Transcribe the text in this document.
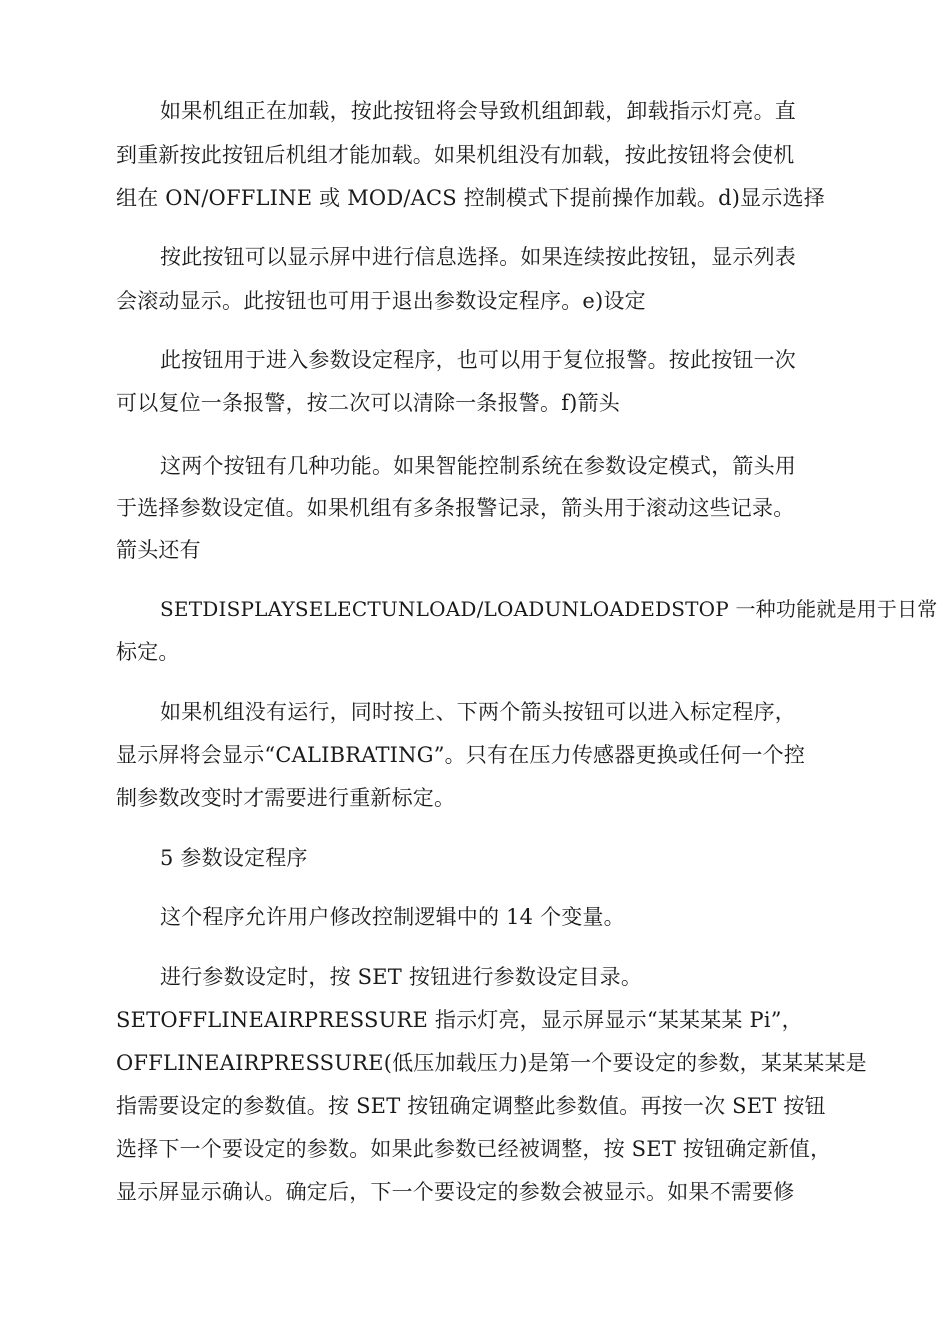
如果机组正在加载，按此按钮将会导致机组卸载，卸载指示灯亮。直
到重新按此按钮后机组才能加载。如果机组没有加载，按此按钮将会使机
组在 ON/OFFLINE 或 MOD/ACS 控制模式下提前操作加载。d)显示选择
按此按钮可以显示屏中进行信息选择。如果连续按此按钮，显示列表
会滚动显示。此按钮也可用于退出参数设定程序。e)设定
此按钮用于进入参数设定程序，也可以用于复位报警。按此按钮一次
可以复位一条报警，按二次可以清除一条报警。f)箭头
这两个按钮有几种功能。如果智能控制系统在参数设定模式，箭头用
于选择参数设定值。如果机组有多条报警记录，箭头用于滚动这些记录。
箭头还有
SETDISPLAYSELECTUNLOAD/LOADUNLOADEDSTOP 一种功能就是用于日常
标定。
如果机组没有运行，同时按上、下两个箭头按钮可以进入标定程序，
显示屏将会显示“CALIBRATING”。只有在压力传感器更换或任何一个控
制参数改变时才需要进行重新标定。
5 参数设定程序
这个程序允许用户修改控制逻辑中的 14 个变量。
进行参数设定时，按 SET 按钮进行参数设定目录。
SETOFFLINEAIRPRESSURE 指示灯亮，显示屏显示“某某某某 Pi”，
OFFLINEAIRPRESSURE(低压加载压力)是第一个要设定的参数，某某某某是
指需要设定的参数值。按 SET 按钮确定调整此参数值。再按一次 SET 按钮
选择下一个要设定的参数。如果此参数已经被调整，按 SET 按钮确定新值，
显示屏显示确认。确定后，下一个要设定的参数会被显示。如果不需要修
